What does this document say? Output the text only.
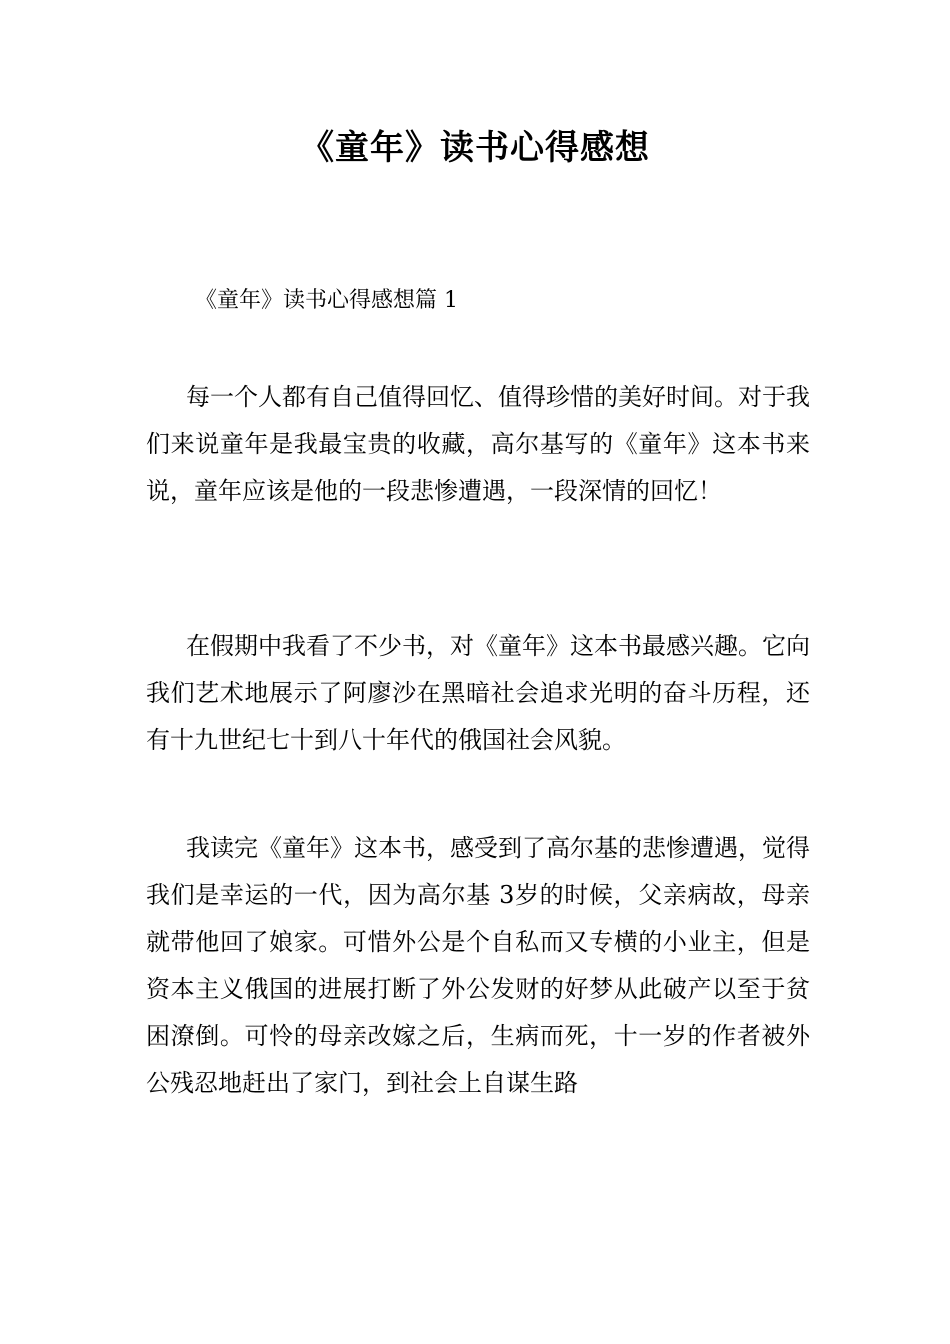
《童年》读书心得感想
《童年》读书心得感想篇 1

每一个人都有自己值得回忆、值得珍惜的美好时间。对于我们来说童年是我最宝贵的收藏，高尔基写的《童年》这本书来说，童年应该是他的一段悲惨遭遇，一段深情的回忆！

在假期中我看了不少书，对《童年》这本书最感兴趣。它向我们艺术地展示了阿廖沙在黑暗社会追求光明的奋斗历程，还有十九世纪七十到八十年代的俄国社会风貌。

我读完《童年》这本书，感受到了高尔基的悲惨遭遇，觉得我们是幸运的一代，因为高尔基 3岁的时候，父亲病故，母亲就带他回了娘家。可惜外公是个自私而又专横的小业主，但是资本主义俄国的进展打断了外公发财的好梦从此破产以至于贫困潦倒。可怜的母亲改嫁之后，生病而死，十一岁的作者被外公残忍地赶出了家门，到社会上自谋生路
